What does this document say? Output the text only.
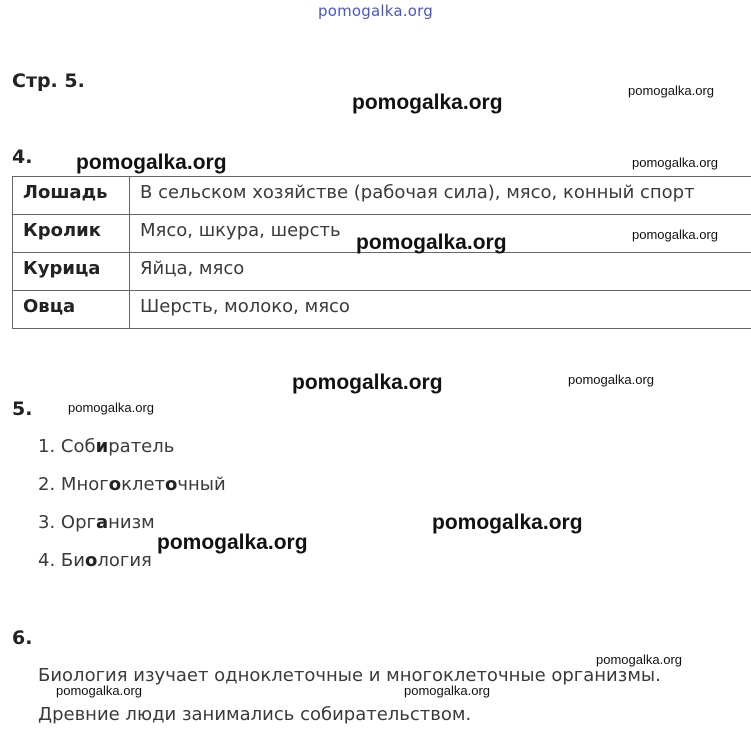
pomogalka.org
Стр. 5.
pomogalka.org
pomogalka.org
4. pomogalka.org	pomogalka.org
Лошадь	В сельском хозяйстве (рабочая сила), мясо, конный спорт
Кролик	Мясо, шкура, шерсть
Курица	Яйца, мясо
Овца	Шерсть, молоко, мясо
pomogalka.org	pomogalka.org
pomogalka.org	pomogalka.org
5.	pomogalka.org
1. Собиратель
2. Многоклеточный
3. Организм
4. Биология
pomogalka.org
pomogalka.org
6.
Биология изучает одноклеточные и многоклеточные организмы.
Древние люди занимались собирательством.
pomogalka.org
pomogalka.org	pomogalka.org
